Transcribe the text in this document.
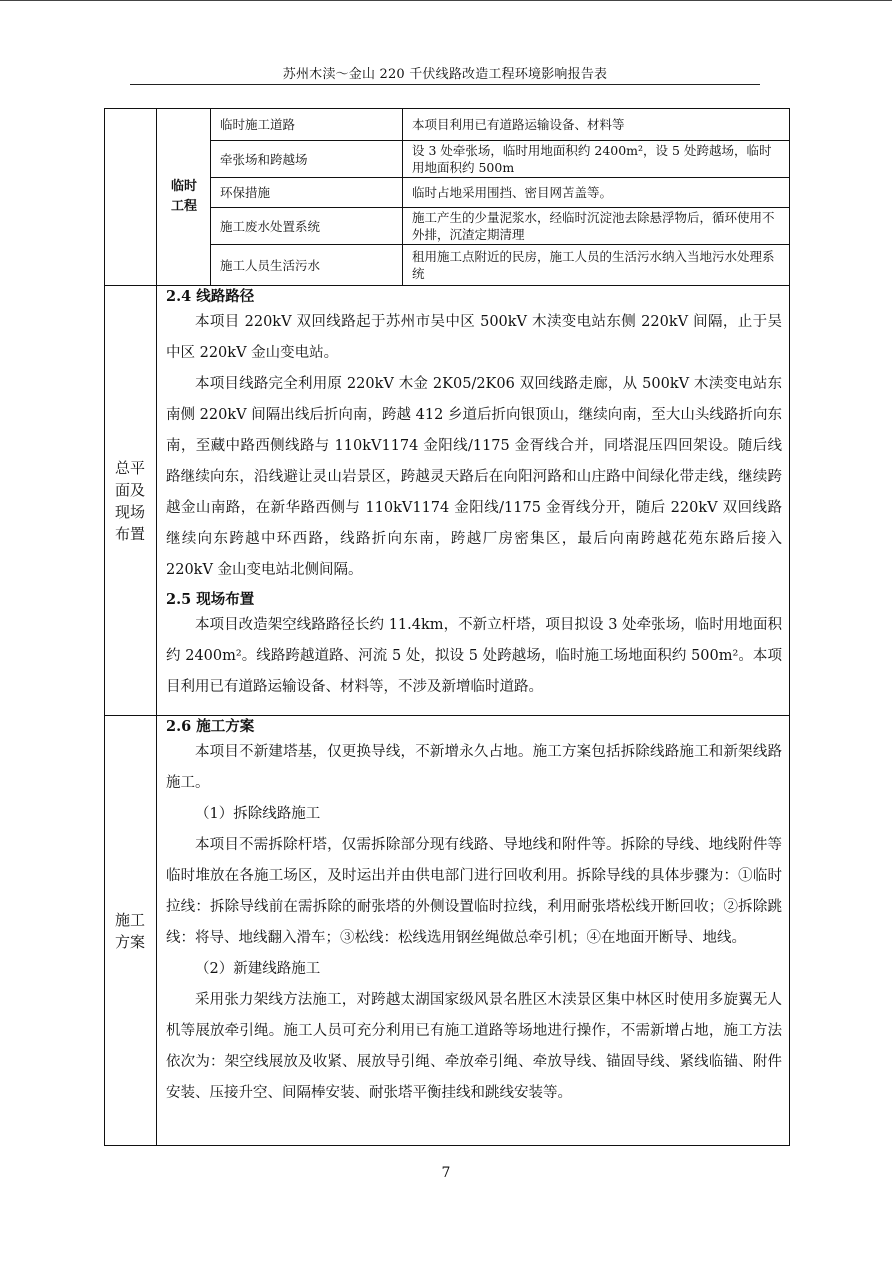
苏州木渎～金山 220 千伏线路改造工程环境影响报告表
临时工程
临时施工道路	本项目利用已有道路运输设备、材料等
牵张场和跨越场
设 3 处牵张场，临时用地面积约 2400m²，设 5 处跨越场，临时用地面积约 500m
环保措施	临时占地采用围挡、密目网苫盖等。
施工废水处置系统
施工产生的少量泥浆水，经临时沉淀池去除悬浮物后，循环使用不外排，沉渣定期清理
施工人员生活污水
租用施工点附近的民房，施工人员的生活污水纳入当地污水处理系统
总平面及现场布置
2.4 线路路径

本项目 220kV 双回线路起于苏州市吴中区 500kV 木渎变电站东侧 220kV 间隔，止于吴中区 220kV 金山变电站。

本项目线路完全利用原 220kV 木金 2K05/2K06 双回线路走廊，从 500kV 木渎变电站东南侧 220kV 间隔出线后折向南，跨越 412 乡道后折向银顶山，继续向南，至大山头线路折向东南，至藏中路西侧线路与 110kV1174 金阳线/1175 金胥线合并，同塔混压四回架设。随后线路继续向东，沿线避让灵山岩景区，跨越灵天路后在向阳河路和山庄路中间绿化带走线，继续跨越金山南路，在新华路西侧与 110kV1174 金阳线/1175 金胥线分开，随后 220kV 双回线路继续向东跨越中环西路，线路折向东南，跨越厂房密集区，最后向南跨越花苑东路后接入 220kV 金山变电站北侧间隔。

2.5 现场布置

本项目改造架空线路路径长约 11.4km，不新立杆塔，项目拟设 3 处牵张场，临时用地面积约 2400m²。线路跨越道路、河流 5 处，拟设 5 处跨越场，临时施工场地面积约 500m²。本项目利用已有道路运输设备、材料等，不涉及新增临时道路。

施工方案
2.6 施工方案

本项目不新建塔基，仅更换导线，不新增永久占地。施工方案包括拆除线路施工和新架线路施工。

（1）拆除线路施工

本项目不需拆除杆塔，仅需拆除部分现有线路、导地线和附件等。拆除的导线、地线附件等临时堆放在各施工场区，及时运出并由供电部门进行回收利用。拆除导线的具体步骤为：①临时拉线：拆除导线前在需拆除的耐张塔的外侧设置临时拉线，利用耐张塔松线开断回收；②拆除跳线：将导、地线翻入滑车；③松线：松线选用钢丝绳做总牵引机；④在地面开断导、地线。

（2）新建线路施工

采用张力架线方法施工，对跨越太湖国家级风景名胜区木渎景区集中林区时使用多旋翼无人机等展放牵引绳。施工人员可充分利用已有施工道路等场地进行操作，不需新增占地，施工方法依次为：架空线展放及收紧、展放导引绳、牵放牵引绳、牵放导线、锚固导线、紧线临锚、附件安装、压接升空、间隔棒安装、耐张塔平衡挂线和跳线安装等。

7
